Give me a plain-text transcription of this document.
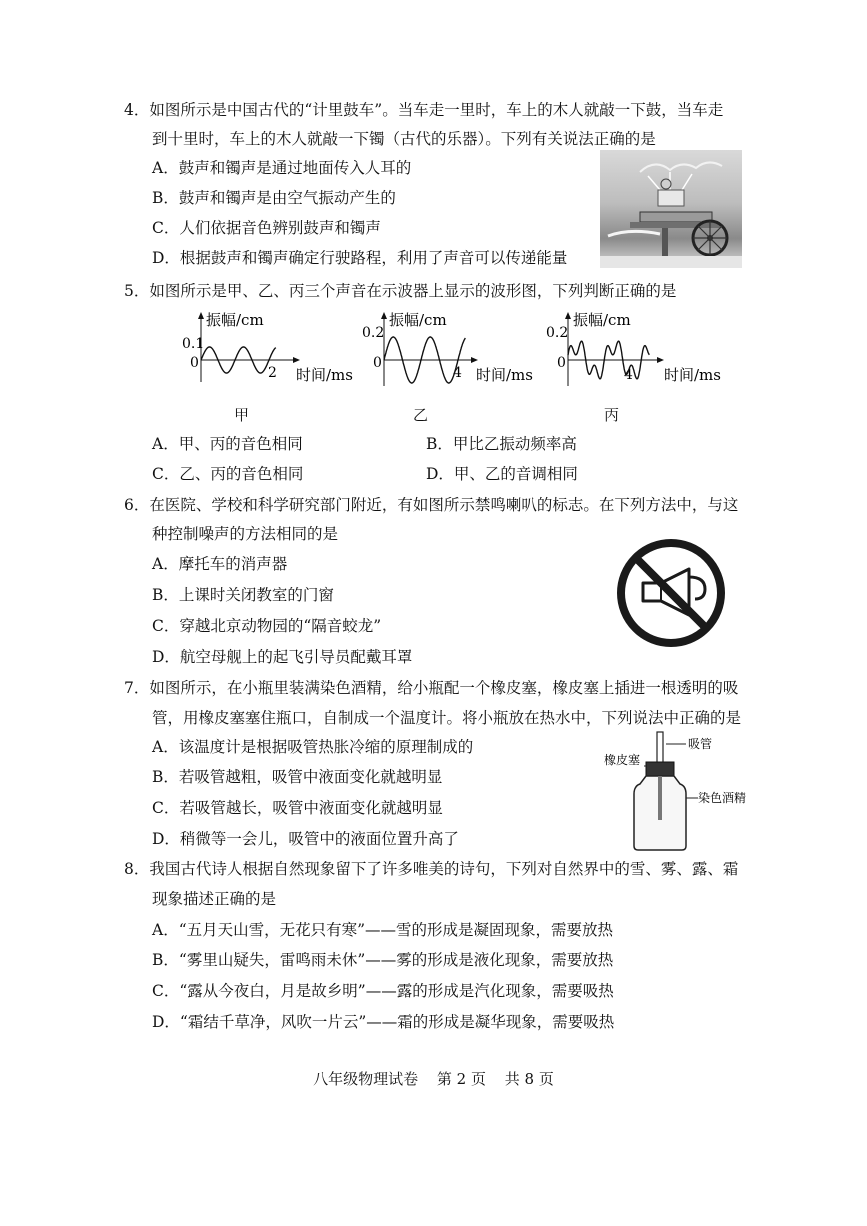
4．如图所示是中国古代的“计里鼓车”。当车走一里时，车上的木人就敲一下鼓，当车走
到十里时，车上的木人就敲一下镯（古代的乐器）。下列有关说法正确的是
A．鼓声和镯声是通过地面传入人耳的
B．鼓声和镯声是由空气振动产生的
C．人们依据音色辨别鼓声和镯声
D．根据鼓声和镯声确定行驶路程，利用了声音可以传递能量
5．如图所示是甲、乙、丙三个声音在示波器上显示的波形图，下列判断正确的是
振幅/cm
0.1
0
2 时间/ms
甲
振幅/cm
0.2
0
4 时间/ms
乙
振幅/cm
0.2
0
4 时间/ms
丙
A．甲、丙的音色相同	B．甲比乙振动频率高
C．乙、丙的音色相同	D．甲、乙的音调相同
6．在医院、学校和科学研究部门附近，有如图所示禁鸣喇叭的标志。在下列方法中，与这
种控制噪声的方法相同的是
A．摩托车的消声器
B．上课时关闭教室的门窗
C．穿越北京动物园的“隔音蛟龙”
D．航空母舰上的起飞引导员配戴耳罩
7．如图所示，在小瓶里装满染色酒精，给小瓶配一个橡皮塞，橡皮塞上插进一根透明的吸
管，用橡皮塞塞住瓶口，自制成一个温度计。将小瓶放在热水中，下列说法中正确的是
A．该温度计是根据吸管热胀冷缩的原理制成的
B．若吸管越粗，吸管中液面变化就越明显
C．若吸管越长，吸管中液面变化就越明显
D．稍微等一会儿，吸管中的液面位置升高了
吸管
橡皮塞
染色酒精
8．我国古代诗人根据自然现象留下了许多唯美的诗句，下列对自然界中的雪、雾、露、霜
现象描述正确的是
A．“五月天山雪，无花只有寒”——雪的形成是凝固现象，需要放热
B．“雾里山疑失，雷鸣雨未休”——雾的形成是液化现象，需要放热
C．“露从今夜白，月是故乡明”——露的形成是汽化现象，需要吸热
D．“霜结千草净，风吹一片云”——霜的形成是凝华现象，需要吸热
八年级物理试卷 第 2 页 共 8 页
